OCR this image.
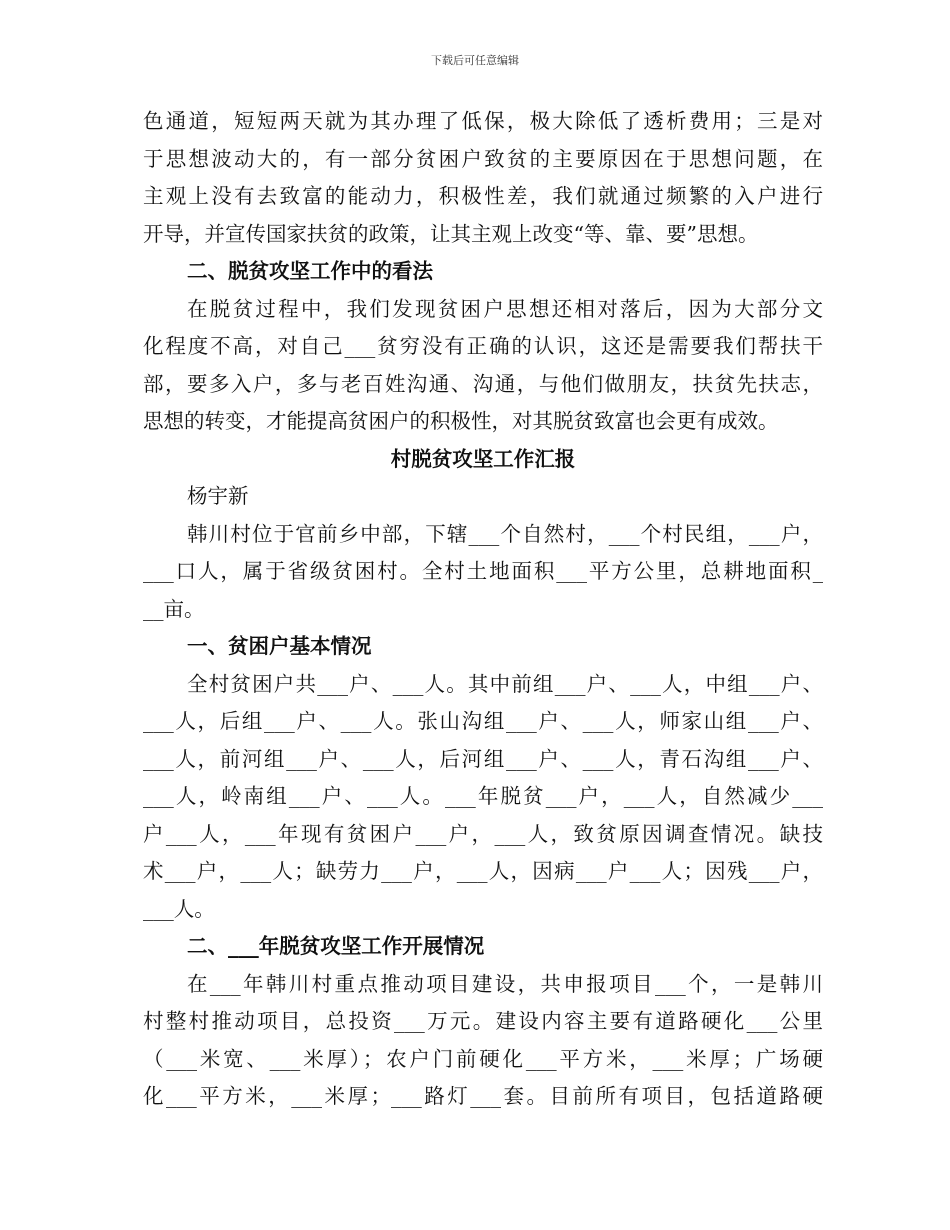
下载后可任意编辑
色通道，短短两天就为其办理了低保，极大除低了透析费用；三是对
于思想波动大的，有一部分贫困户致贫的主要原因在于思想问题，在
主观上没有去致富的能动力，积极性差，我们就通过频繁的入户进行
开导，并宣传国家扶贫的政策，让其主观上改变“等、靠、要”思想。
二、脱贫攻坚工作中的看法
在脱贫过程中，我们发现贫困户思想还相对落后，因为大部分文
化程度不高，对自己___贫穷没有正确的认识，这还是需要我们帮扶干
部，要多入户，多与老百姓沟通、沟通，与他们做朋友，扶贫先扶志，
思想的转变，才能提高贫困户的积极性，对其脱贫致富也会更有成效。
村脱贫攻坚工作汇报
杨宇新
韩川村位于官前乡中部，下辖___个自然村，___个村民组，___户，
___口人，属于省级贫困村。全村土地面积___平方公里，总耕地面积_
__亩。
一、贫困户基本情况
全村贫困户共___户、___人。其中前组___户、___人，中组___户、
___人，后组___户、___人。张山沟组___户、___人，师家山组___户、
___人，前河组___户、___人，后河组___户、___人，青石沟组___户、
___人，岭南组___户、___人。___年脱贫___户，___人，自然减少___
户___人，___年现有贫困户___户，___人，致贫原因调查情况。缺技
术___户，___人；缺劳力___户，___人，因病___户___人；因残___户，
___人。
二、___年脱贫攻坚工作开展情况
在___年韩川村重点推动项目建设，共申报项目___个，一是韩川
村整村推动项目，总投资___万元。建设内容主要有道路硬化___公里
（___米宽、___米厚）；农户门前硬化___平方米，___米厚；广场硬
化___平方米，___米厚；___路灯___套。目前所有项目，包括道路硬
